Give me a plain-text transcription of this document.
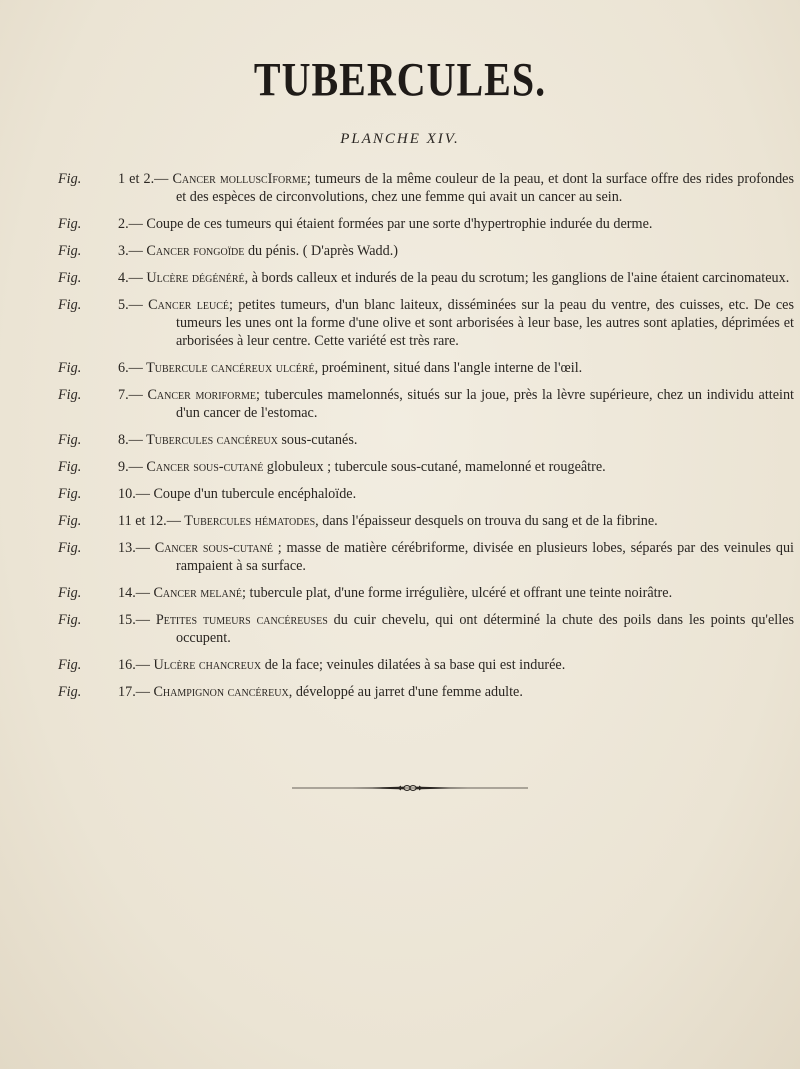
TUBERCULES.
PLANCHE XIV.
Fig.	1 et 2.— Cancer molluscIforme; tumeurs de la même couleur de la peau, et dont la surface offre des rides profondes et des espèces de circonvolutions, chez une femme qui avait un cancer au sein.
Fig.	2.— Coupe de ces tumeurs qui étaient formées par une sorte d'hypertrophie indurée du derme.
Fig.	3.— Cancer fongoïde du pénis. ( D'après Wadd.)
Fig.	4.— Ulcère dégénéré, à bords calleux et indurés de la peau du scrotum; les ganglions de l'aine étaient carcinomateux.
Fig.	5.— Cancer leucé; petites tumeurs, d'un blanc laiteux, disséminées sur la peau du ventre, des cuisses, etc. De ces tumeurs les unes ont la forme d'une olive et sont arborisées à leur base, les autres sont aplaties, déprimées et arborisées à leur centre. Cette variété est très rare.
Fig.	6.— Tubercule cancéreux ulcéré, proéminent, situé dans l'angle interne de l'œil.
Fig.	7.— Cancer moriforme; tubercules mamelonnés, situés sur la joue, près la lèvre supérieure, chez un individu atteint d'un cancer de l'estomac.
Fig.	8.— Tubercules cancéreux sous-cutanés.
Fig.	9.— Cancer sous-cutané globuleux ; tubercule sous-cutané, mamelonné et rougeâtre.
Fig.	10.— Coupe d'un tubercule encéphaloïde.
Fig.	11 et 12.— Tubercules hématodes, dans l'épaisseur desquels on trouva du sang et de la fibrine.
Fig.	13.— Cancer sous-cutané ; masse de matière cérébriforme, divisée en plusieurs lobes, séparés par des veinules qui rampaient à sa surface.
Fig.	14.— Cancer melané; tubercule plat, d'une forme irrégulière, ulcéré et offrant une teinte noirâtre.
Fig.	15.— Petites tumeurs cancéreuses du cuir chevelu, qui ont déterminé la chute des poils dans les points qu'elles occupent.
Fig.	16.— Ulcère chancreux de la face; veinules dilatées à sa base qui est indurée.
Fig.	17.— Champignon cancéreux, développé au jarret d'une femme adulte.
